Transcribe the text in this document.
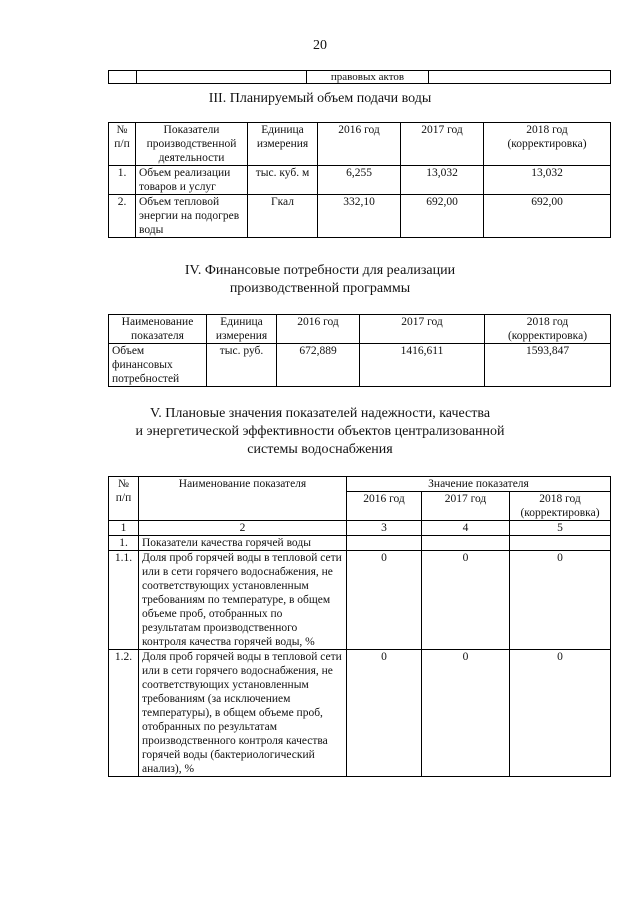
20
		правовых актов	
III. Планируемый объем подачи воды
№ п/п	Показатели производственной деятельности	Единица измерения	2016 год	2017 год	2018 год (корректировка)
1.	Объем реализации товаров и услуг	тыс. куб. м	6,255	13,032	13,032
2.	Объем тепловой энергии на подогрев воды	Гкал	332,10	692,00	692,00
IV. Финансовые потребности для реализации
производственной программы
Наименование показателя	Единица измерения	2016 год	2017 год	2018 год (корректировка)
Объем финансовых потребностей	тыс. руб.	672,889	1416,611	1593,847
V. Плановые значения показателей надежности, качества
и энергетической эффективности объектов централизованной
системы водоснабжения
№ п/п	Наименование показателя	Значение показателя		
		2016 год	2017 год	2018 год (корректировка)
1	2	3	4	5
1.	Показатели качества горячей воды			
1.1.	Доля проб горячей воды в тепловой сети или в сети горячего водоснабжения, не соответствующих установленным требованиям по температуре, в общем объеме проб, отобранных по результатам производственного контроля качества горячей воды, %	0	0	0
1.2.	Доля проб горячей воды в тепловой сети или в сети горячего водоснабжения, не соответствующих установленным требованиям (за исключением температуры), в общем объеме проб, отобранных по результатам производственного контроля качества горячей воды (бактериологический анализ), %	0	0	0
